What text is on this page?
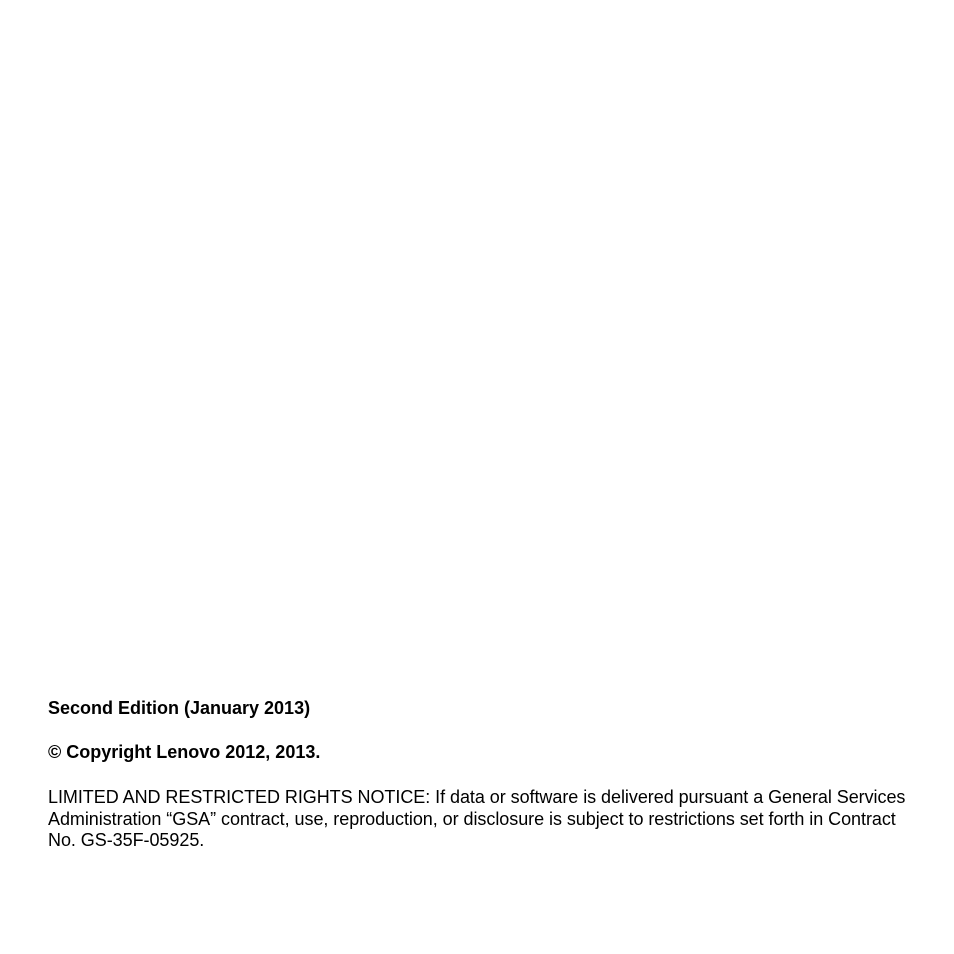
Second Edition (January 2013)

© Copyright Lenovo 2012, 2013.

LIMITED AND RESTRICTED RIGHTS NOTICE: If data or software is delivered pursuant a General Services Administration “GSA” contract, use, reproduction, or disclosure is subject to restrictions set forth in Contract No. GS-35F-05925.
